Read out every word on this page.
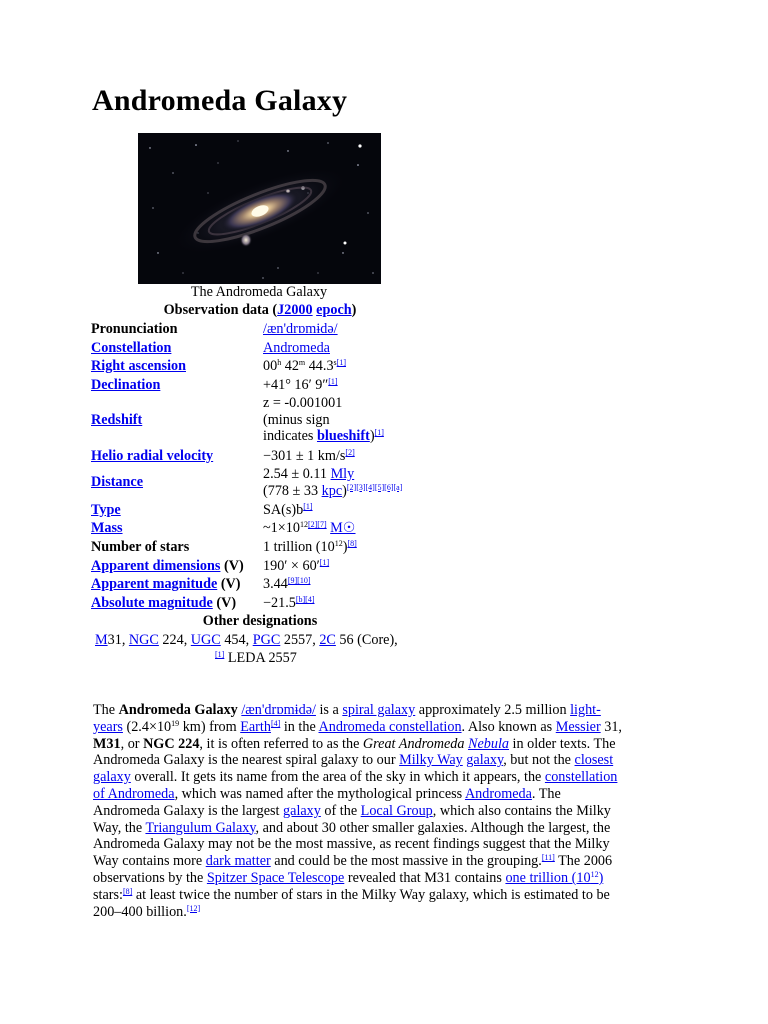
Andromeda Galaxy
The Andromeda Galaxy
Observation data (J2000 epoch)
Pronunciation	/æn'drɒmɨdə/
Constellation	Andromeda
Right ascension	00$^h$ 42$^m$ $44.3^{s[1]}$
Declination	+41° 16′ 9″[1]
Redshift
z = -0.001001
(minus sign
indicates blueshift)[1]
Helio radial velocity	−301 ± 1 km/s[2]
Distance	2.54 ± 0.11 Mly
(778 ± 33 kpc)[2][3][4][5][6][a]
Type	SA(s)b[1]
Mass	$\sim 1\times 10^{12[2][7]}$ M☉
Number of stars	1 trillion $(10^{12})[8]$
Apparent dimensions (V) 190′ × 60′[1]
Apparent magnitude (V) 3.44[9][10]
Absolute magnitude (V) −21.5[b][4]
Other designations
M31, NGC 224, UGC 454, PGC 2557, 2C 56 (Core),
[1] LEDA 2557
The Andromeda Galaxy /æn'drɒmɨdə/ is a spiral galaxy approximately 2.5 million light-
years ($2.4\times 10^{19}$ km) from Earth[4] in the Andromeda constellation. Also known as Messier 31,
M31, or NGC 224, it is often referred to as the Great Andromeda Nebula in older texts. The
Andromeda Galaxy is the nearest spiral galaxy to our Milky Way galaxy, but not the closest
galaxy overall. It gets its name from the area of the sky in which it appears, the constellation
of Andromeda, which was named after the mythological princess Andromeda. The
Andromeda Galaxy is the largest galaxy of the Local Group, which also contains the Milky
Way, the Triangulum Galaxy, and about 30 other smaller galaxies. Although the largest, the
Andromeda Galaxy may not be the most massive, as recent findings suggest that the Milky
Way contains more dark matter and could be the most massive in the grouping.[11] The 2006
observations by the Spitzer Space Telescope revealed that M31 contains one trillion $(10^{12})$
stars:[8] at least twice the number of stars in the Milky Way galaxy, which is estimated to be
200–400 billion.[12]
